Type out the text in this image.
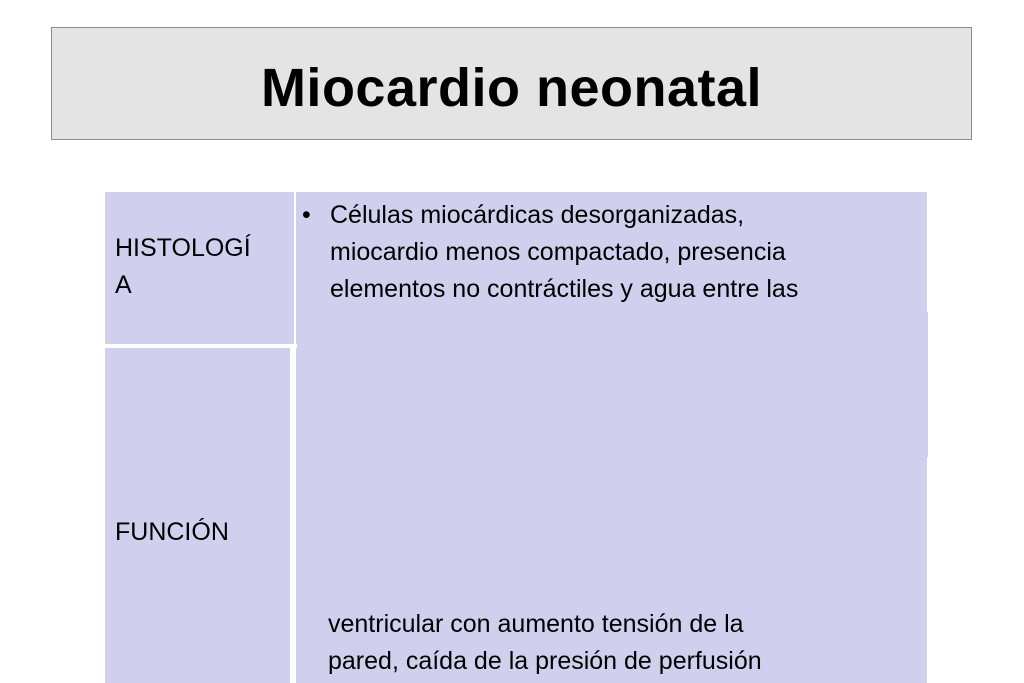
Miocardio neonatal
HISTOLOGÍ
A
• Células miocárdicas desorganizadas,
miocardio menos compactado, presencia
elementos no contráctiles y agua entre las
FUNCIÓN
ventricular con aumento tensión de la
pared, caída de la presión de perfusión
